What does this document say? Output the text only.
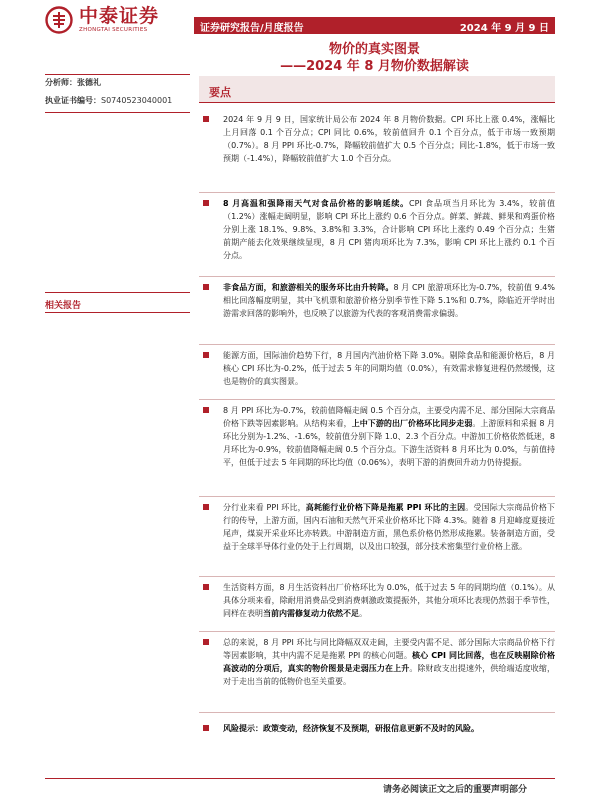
中泰证券
ZHONGTAI SECURITIES	证券研究报告/月度报告	2024 年 9 月 9 日
物价的真实图景
——2024 年 8 月物价数据解读
分析师：张德礼
执业证书编号：S0740523040001
相关报告
要点
2024 年 9 月 9 日，国家统计局公布 2024 年 8 月物价数据。CPI 环比上涨 0.4%，涨幅比上月回落 0.1 个百分点；CPI 同比 0.6%，较前值回升 0.1 个百分点，低于市场一致预期（0.7%）。8 月 PPI 环比-0.7%，降幅较前值扩大 0.5 个百分点；同比-1.8%，低于市场一致预期（-1.4%），降幅较前值扩大 1.0 个百分点。
8 月高温和强降雨天气对食品价格的影响延续。CPI 食品项当月环比为 3.4%，较前值（1.2%）涨幅走阔明显，影响 CPI 环比上涨约 0.6 个百分点。鲜菜、鲜蔬、鲜果和鸡蛋价格分别上涨 18.1%、9.8%、3.8%和 3.3%，合计影响 CPI 环比上涨约 0.49 个百分点；生猪前期产能去化效果继续显现，8 月 CPI 猪肉项环比为 7.3%，影响 CPI 环比上涨约 0.1 个百分点。
非食品方面，和旅游相关的服务环比由升转降。8 月 CPI 旅游项环比为-0.7%，较前值 9.4%相比回落幅度明显，其中飞机票和旅游价格分别季节性下降 5.1%和 0.7%，除临近开学时出游需求回落的影响外，也反映了以旅游为代表的客观消费需求偏弱。
能源方面，国际油价趋势下行，8 月国内汽油价格下降 3.0%。剔除食品和能源价格后，8 月核心 CPI 环比为-0.2%，低于过去 5 年的同期均值（0.0%），有效需求修复进程仍然缓慢，这也是物价的真实图景。
8 月 PPI 环比为-0.7%，较前值降幅走阔 0.5 个百分点，主要受内需不足、部分国际大宗商品价格下跌等因素影响。从结构来看，上中下游的出厂价格环比同步走弱。上游原料和采掘 8 月环比分别为-1.2%、-1.6%，较前值分别下降 1.0、2.3 个百分点。中游加工价格依然低迷，8 月环比为-0.9%，较前值降幅走阔 0.5 个百分点。下游生活资料 8 月环比为 0.0%，与前值持平，但低于过去 5 年同期的环比均值（0.06%），表明下游的消费回升动力仍待提振。
分行业来看 PPI 环比，高耗能行业价格下降是拖累 PPI 环比的主因。受国际大宗商品价格下行的传导，上游方面，国内石油和天然气开采业价格环比下降 4.3%。随着 8 月迎峰度夏接近尾声，煤炭开采业环比亦转跌。中游制造方面，黑色系价格仍然形成拖累。装备制造方面，受益于全球半导体行业仍处于上行周期，以及出口较强，部分技术密集型行业价格上涨。
生活资料方面，8 月生活资料出厂价格环比为 0.0%，低于过去 5 年的同期均值（0.1%）。从具体分项来看，除耐用消费品受到消费刺激政策提振外，其他分项环比表现仍然弱于季节性，同样在表明当前内需修复动力依然不足。
总的来说，8 月 PPI 环比与同比降幅双双走阔，主要受内需不足、部分国际大宗商品价格下行等因素影响，其中内需不足是拖累 PPI 的核心问题。核心 CPI 同比回落，也在反映剔除价格高波动的分项后，真实的物价图景是走弱压力在上升。除财政支出提速外，供给端适度收缩，对于走出当前的低物价也至关重要。
风险提示：政策变动，经济恢复不及预期，研报信息更新不及时的风险。
请务必阅读正文之后的重要声明部分
